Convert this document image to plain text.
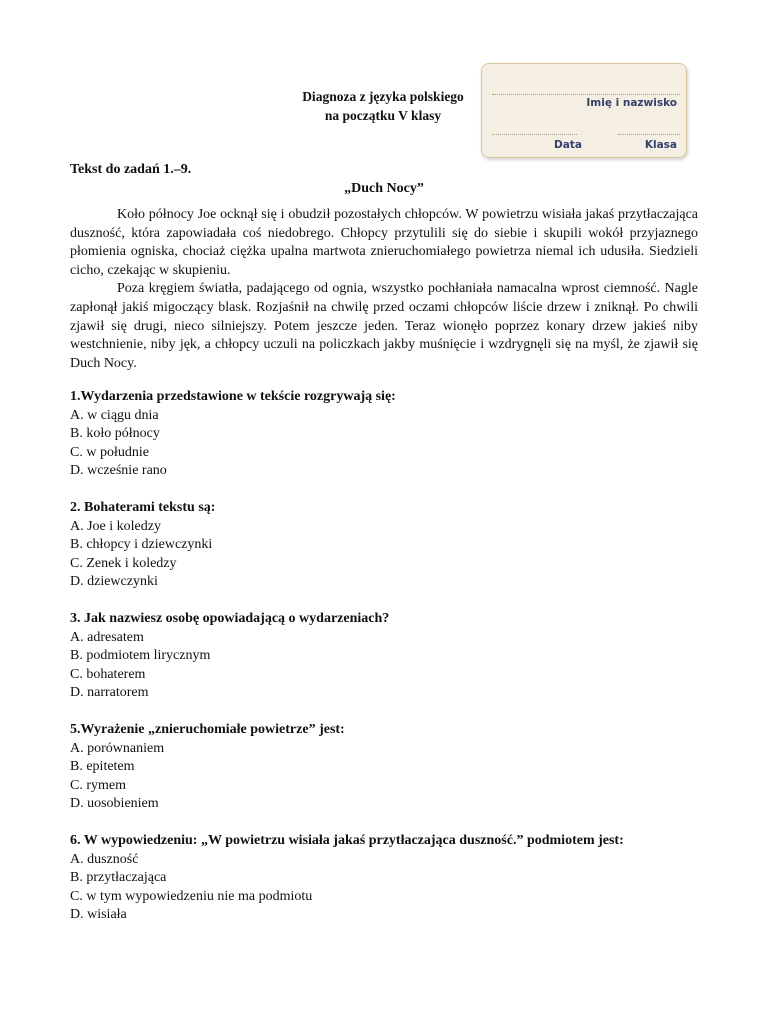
Diagnoza z języka polskiego
na początku V klasy
Imię i nazwisko
Data	Klasa
Tekst do zadań 1.–9.
„Duch Nocy”

Koło północy Joe ocknął się i obudził pozostałych chłopców. W powietrzu wisiała jakaś przytłaczająca duszność, która zapowiadała coś niedobrego. Chłopcy przytulili się do siebie i skupili wokół przyjaznego płomienia ogniska, chociaż ciężka upalna martwota znieruchomiałego powietrza niemal ich udusiła. Siedzieli cicho, czekając w skupieniu.

Poza kręgiem światła, padającego od ognia, wszystko pochłaniała namacalna wprost ciemność. Nagle zapłonął jakiś migoczący blask. Rozjaśnił na chwilę przed oczami chłopców liście drzew i zniknął. Po chwili zjawił się drugi, nieco silniejszy. Potem jeszcze jeden. Teraz wionęło poprzez konary drzew jakieś niby westchnienie, niby jęk, a chłopcy uczuli na policzkach jakby muśnięcie i wzdrygnęli się na myśl, że zjawił się Duch Nocy.

1.Wydarzenia przedstawione w tekście rozgrywają się:
A. w ciągu dnia
B. koło północy
C. w południe
D. wcześnie rano
2. Bohaterami tekstu są:
A. Joe i koledzy
B. chłopcy i dziewczynki
C. Zenek i koledzy
D. dziewczynki
3. Jak nazwiesz osobę opowiadającą o wydarzeniach?
A. adresatem
B. podmiotem lirycznym
C. bohaterem
D. narratorem
5.Wyrażenie „znieruchomiałe powietrze” jest:
A. porównaniem
B. epitetem
C. rymem
D. uosobieniem
6. W wypowiedzeniu: „W powietrzu wisiała jakaś przytłaczająca duszność.” podmiotem jest:
A. duszność
B. przytłaczająca
C. w tym wypowiedzeniu nie ma podmiotu
D. wisiała
